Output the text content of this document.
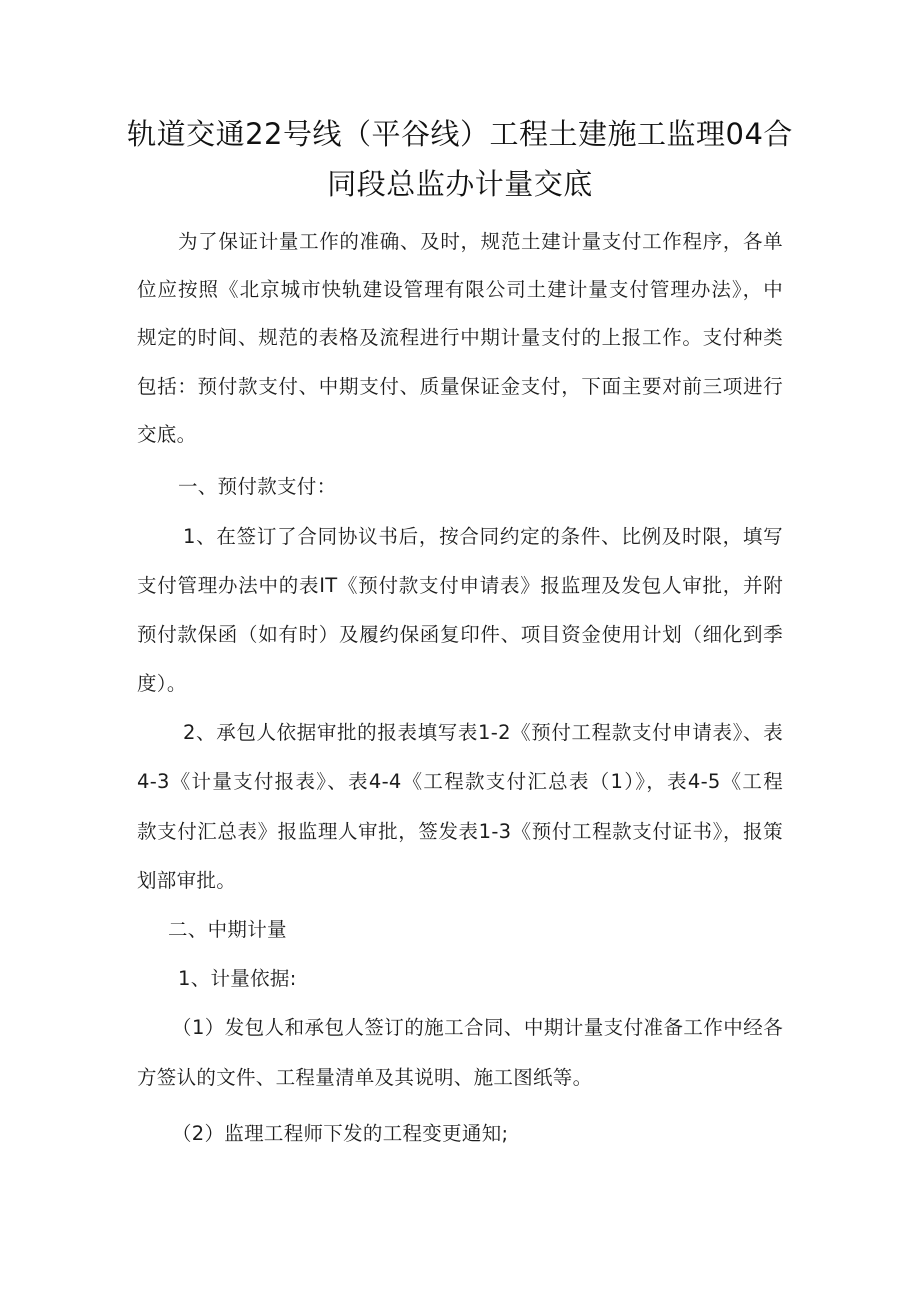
轨道交通22号线（平谷线）工程土建施工监理04合
同段总监办计量交底
为了保证计量工作的准确、及时，规范土建计量支付工作程序，各单
位应按照《北京城市快轨建设管理有限公司土建计量支付管理办法》，中
规定的时间、规范的表格及流程进行中期计量支付的上报工作。支付种类
包括：预付款支付、中期支付、质量保证金支付，下面主要对前三项进行
交底。
一、预付款支付：
1、在签订了合同协议书后，按合同约定的条件、比例及时限，填写
支付管理办法中的表IT《预付款支付申请表》报监理及发包人审批，并附
预付款保函（如有时）及履约保函复印件、项目资金使用计划（细化到季
度）。
2、承包人依据审批的报表填写表1-2《预付工程款支付申请表》、表
4-3《计量支付报表》、表4-4《工程款支付汇总表（1）》，表4-5《工程
款支付汇总表》报监理人审批，签发表1-3《预付工程款支付证书》，报策
划部审批。
二、中期计量
1、计量依据:
（1）发包人和承包人签订的施工合同、中期计量支付准备工作中经各
方签认的文件、工程量清单及其说明、施工图纸等。
（2）监理工程师下发的工程变更通知;
